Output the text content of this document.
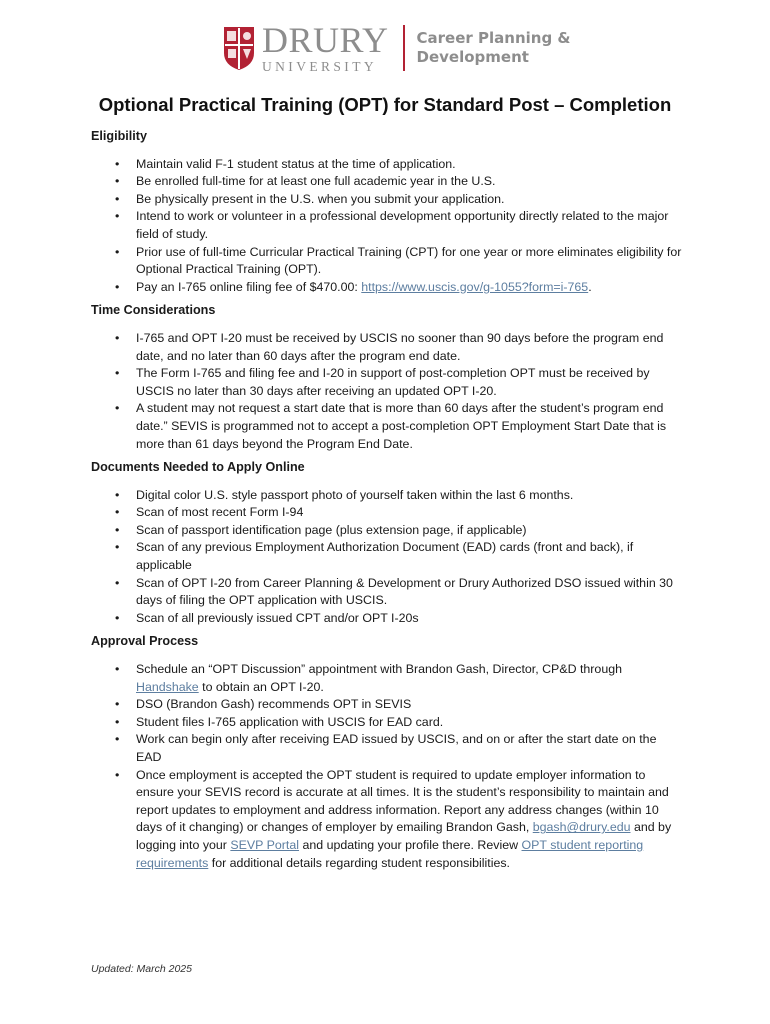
DRURY
UNIVERSITY
Career Planning &
Development
Optional Practical Training (OPT) for Standard Post – Completion
Eligibility
• Maintain valid F-1 student status at the time of application.
• Be enrolled full-time for at least one full academic year in the U.S.
• Be physically present in the U.S. when you submit your application.
• Intend to work or volunteer in a professional development opportunity directly related to the major field of study.
• Prior use of full-time Curricular Practical Training (CPT) for one year or more eliminates eligibility for Optional Practical Training (OPT).
• Pay an I-765 online filing fee of $470.00: https://www.uscis.gov/g-1055?form=i-765.
Time Considerations
• I-765 and OPT I-20 must be received by USCIS no sooner than 90 days before the program end date, and no later than 60 days after the program end date.
• The Form I-765 and filing fee and I-20 in support of post-completion OPT must be received by USCIS no later than 30 days after receiving an updated OPT I-20.
• A student may not request a start date that is more than 60 days after the student’s program end date.” SEVIS is programmed not to accept a post-completion OPT Employment Start Date that is more than 61 days beyond the Program End Date.
Documents Needed to Apply Online
• Digital color U.S. style passport photo of yourself taken within the last 6 months.
• Scan of most recent Form I-94
• Scan of passport identification page (plus extension page, if applicable)
• Scan of any previous Employment Authorization Document (EAD) cards (front and back), if applicable
• Scan of OPT I-20 from Career Planning & Development or Drury Authorized DSO issued within 30 days of filing the OPT application with USCIS.
• Scan of all previously issued CPT and/or OPT I-20s
Approval Process
• Schedule an “OPT Discussion” appointment with Brandon Gash, Director, CP&D through Handshake to obtain an OPT I-20.
• DSO (Brandon Gash) recommends OPT in SEVIS
• Student files I-765 application with USCIS for EAD card.
• Work can begin only after receiving EAD issued by USCIS, and on or after the start date on the EAD
• Once employment is accepted the OPT student is required to update employer information to ensure your SEVIS record is accurate at all times. It is the student’s responsibility to maintain and report updates to employment and address information. Report any address changes (within 10 days of it changing) or changes of employer by emailing Brandon Gash, bgash@drury.edu and by logging into your SEVP Portal and updating your profile there. Review OPT student reporting requirements for additional details regarding student responsibilities.
Updated: March 2025
